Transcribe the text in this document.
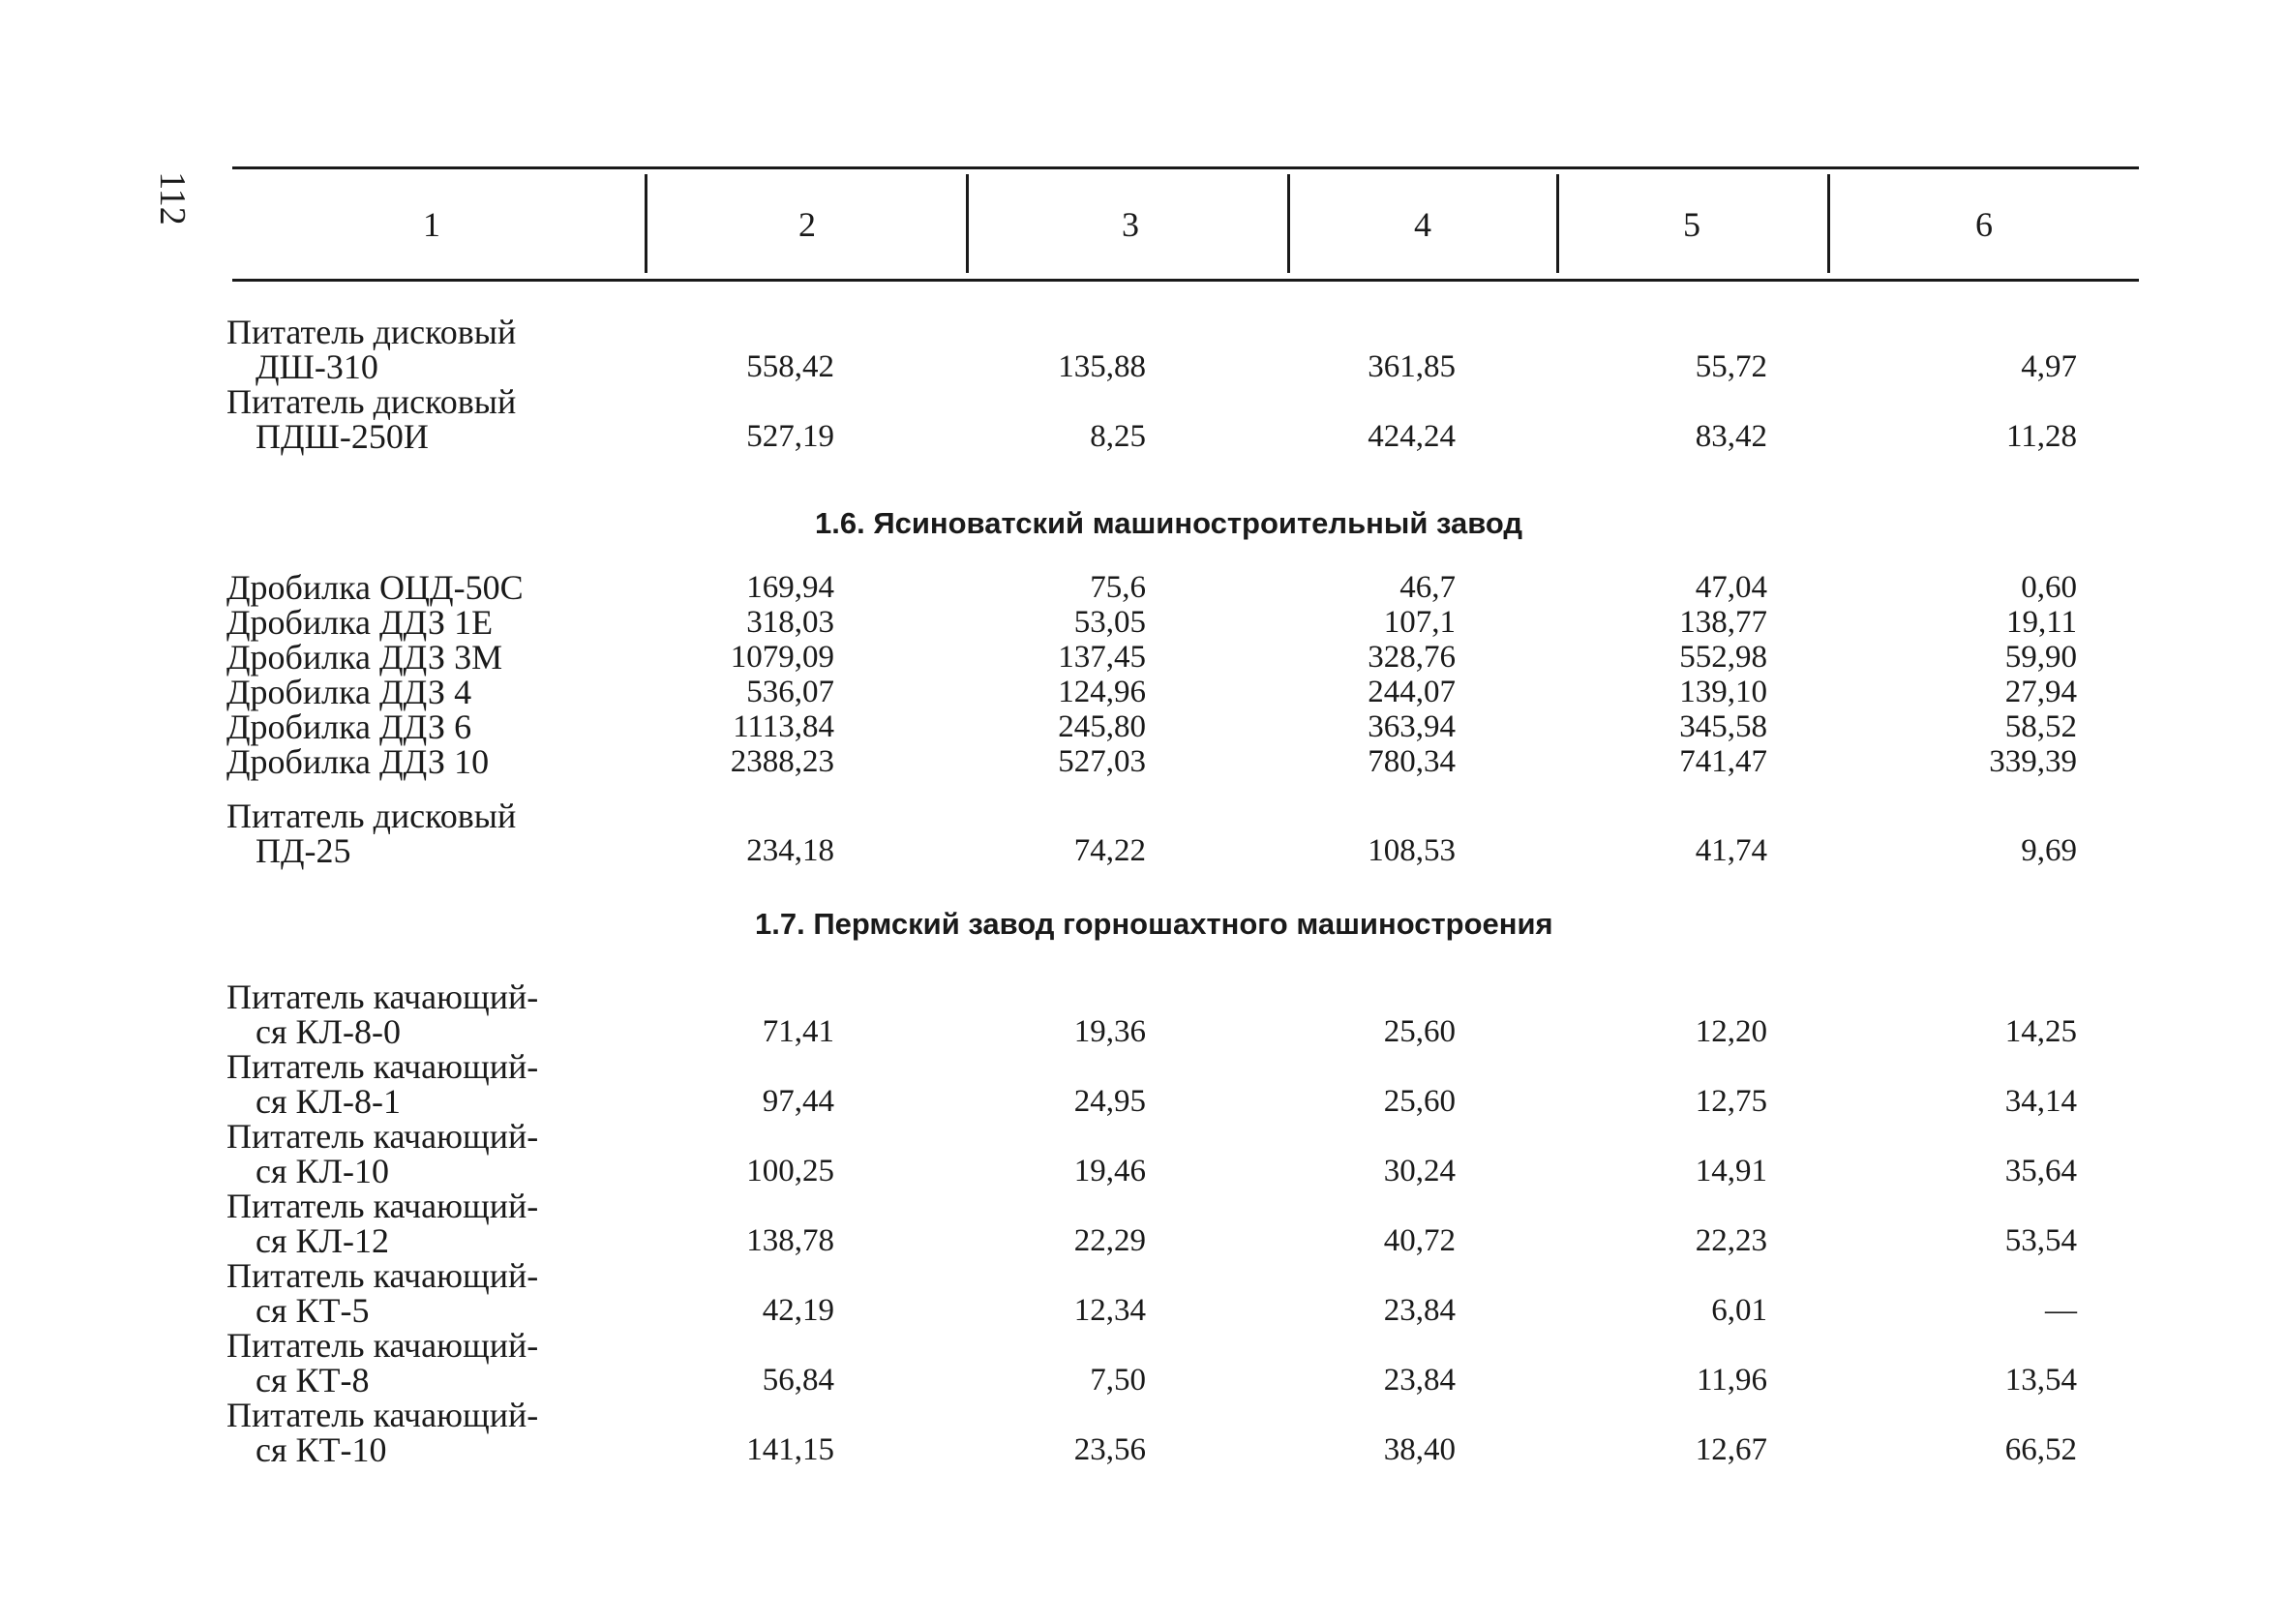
112	1	2	3	4	5	6
Питатель дисковый
ДШ-310	558,42	135,88	361,85	55,72	4,97
Питатель дисковый
ПДШ-250И	527,19	8,25	424,24	83,42	11,28
1.6. Ясиноватский машиностроительный завод
Дробилка ОЦД-50С	169,94	75,6	46,7	47,04	0,60
Дробилка ДДЗ 1Е	318,03	53,05	107,1	138,77	19,11
Дробилка ДДЗ 3М	1079,09	137,45	328,76	552,98	59,90
Дробилка ДДЗ 4	536,07	124,96	244,07	139,10	27,94
Дробилка ДДЗ 6	1113,84	245,80	363,94	345,58	58,52
Дробилка ДДЗ 10	2388,23	527,03	780,34	741,47	339,39
Питатель дисковый
ПД-25	234,18	74,22	108,53	41,74	9,69
1.7. Пермский завод горношахтного машиностроения
Питатель качающий-
ся КЛ-8-0	71,41	19,36	25,60	12,20	14,25
Питатель качающий-
ся КЛ-8-1	97,44	24,95	25,60	12,75	34,14
Питатель качающий-
ся КЛ-10	100,25	19,46	30,24	14,91	35,64
Питатель качающий-
ся КЛ-12	138,78	22,29	40,72	22,23	53,54
Питатель качающий-
ся КТ-5	42,19	12,34	23,84	6,01	—
Питатель качающий-
ся КТ-8	56,84	7,50	23,84	11,96	13,54
Питатель качающий-
ся КТ-10	141,15	23,56	38,40	12,67	66,52
